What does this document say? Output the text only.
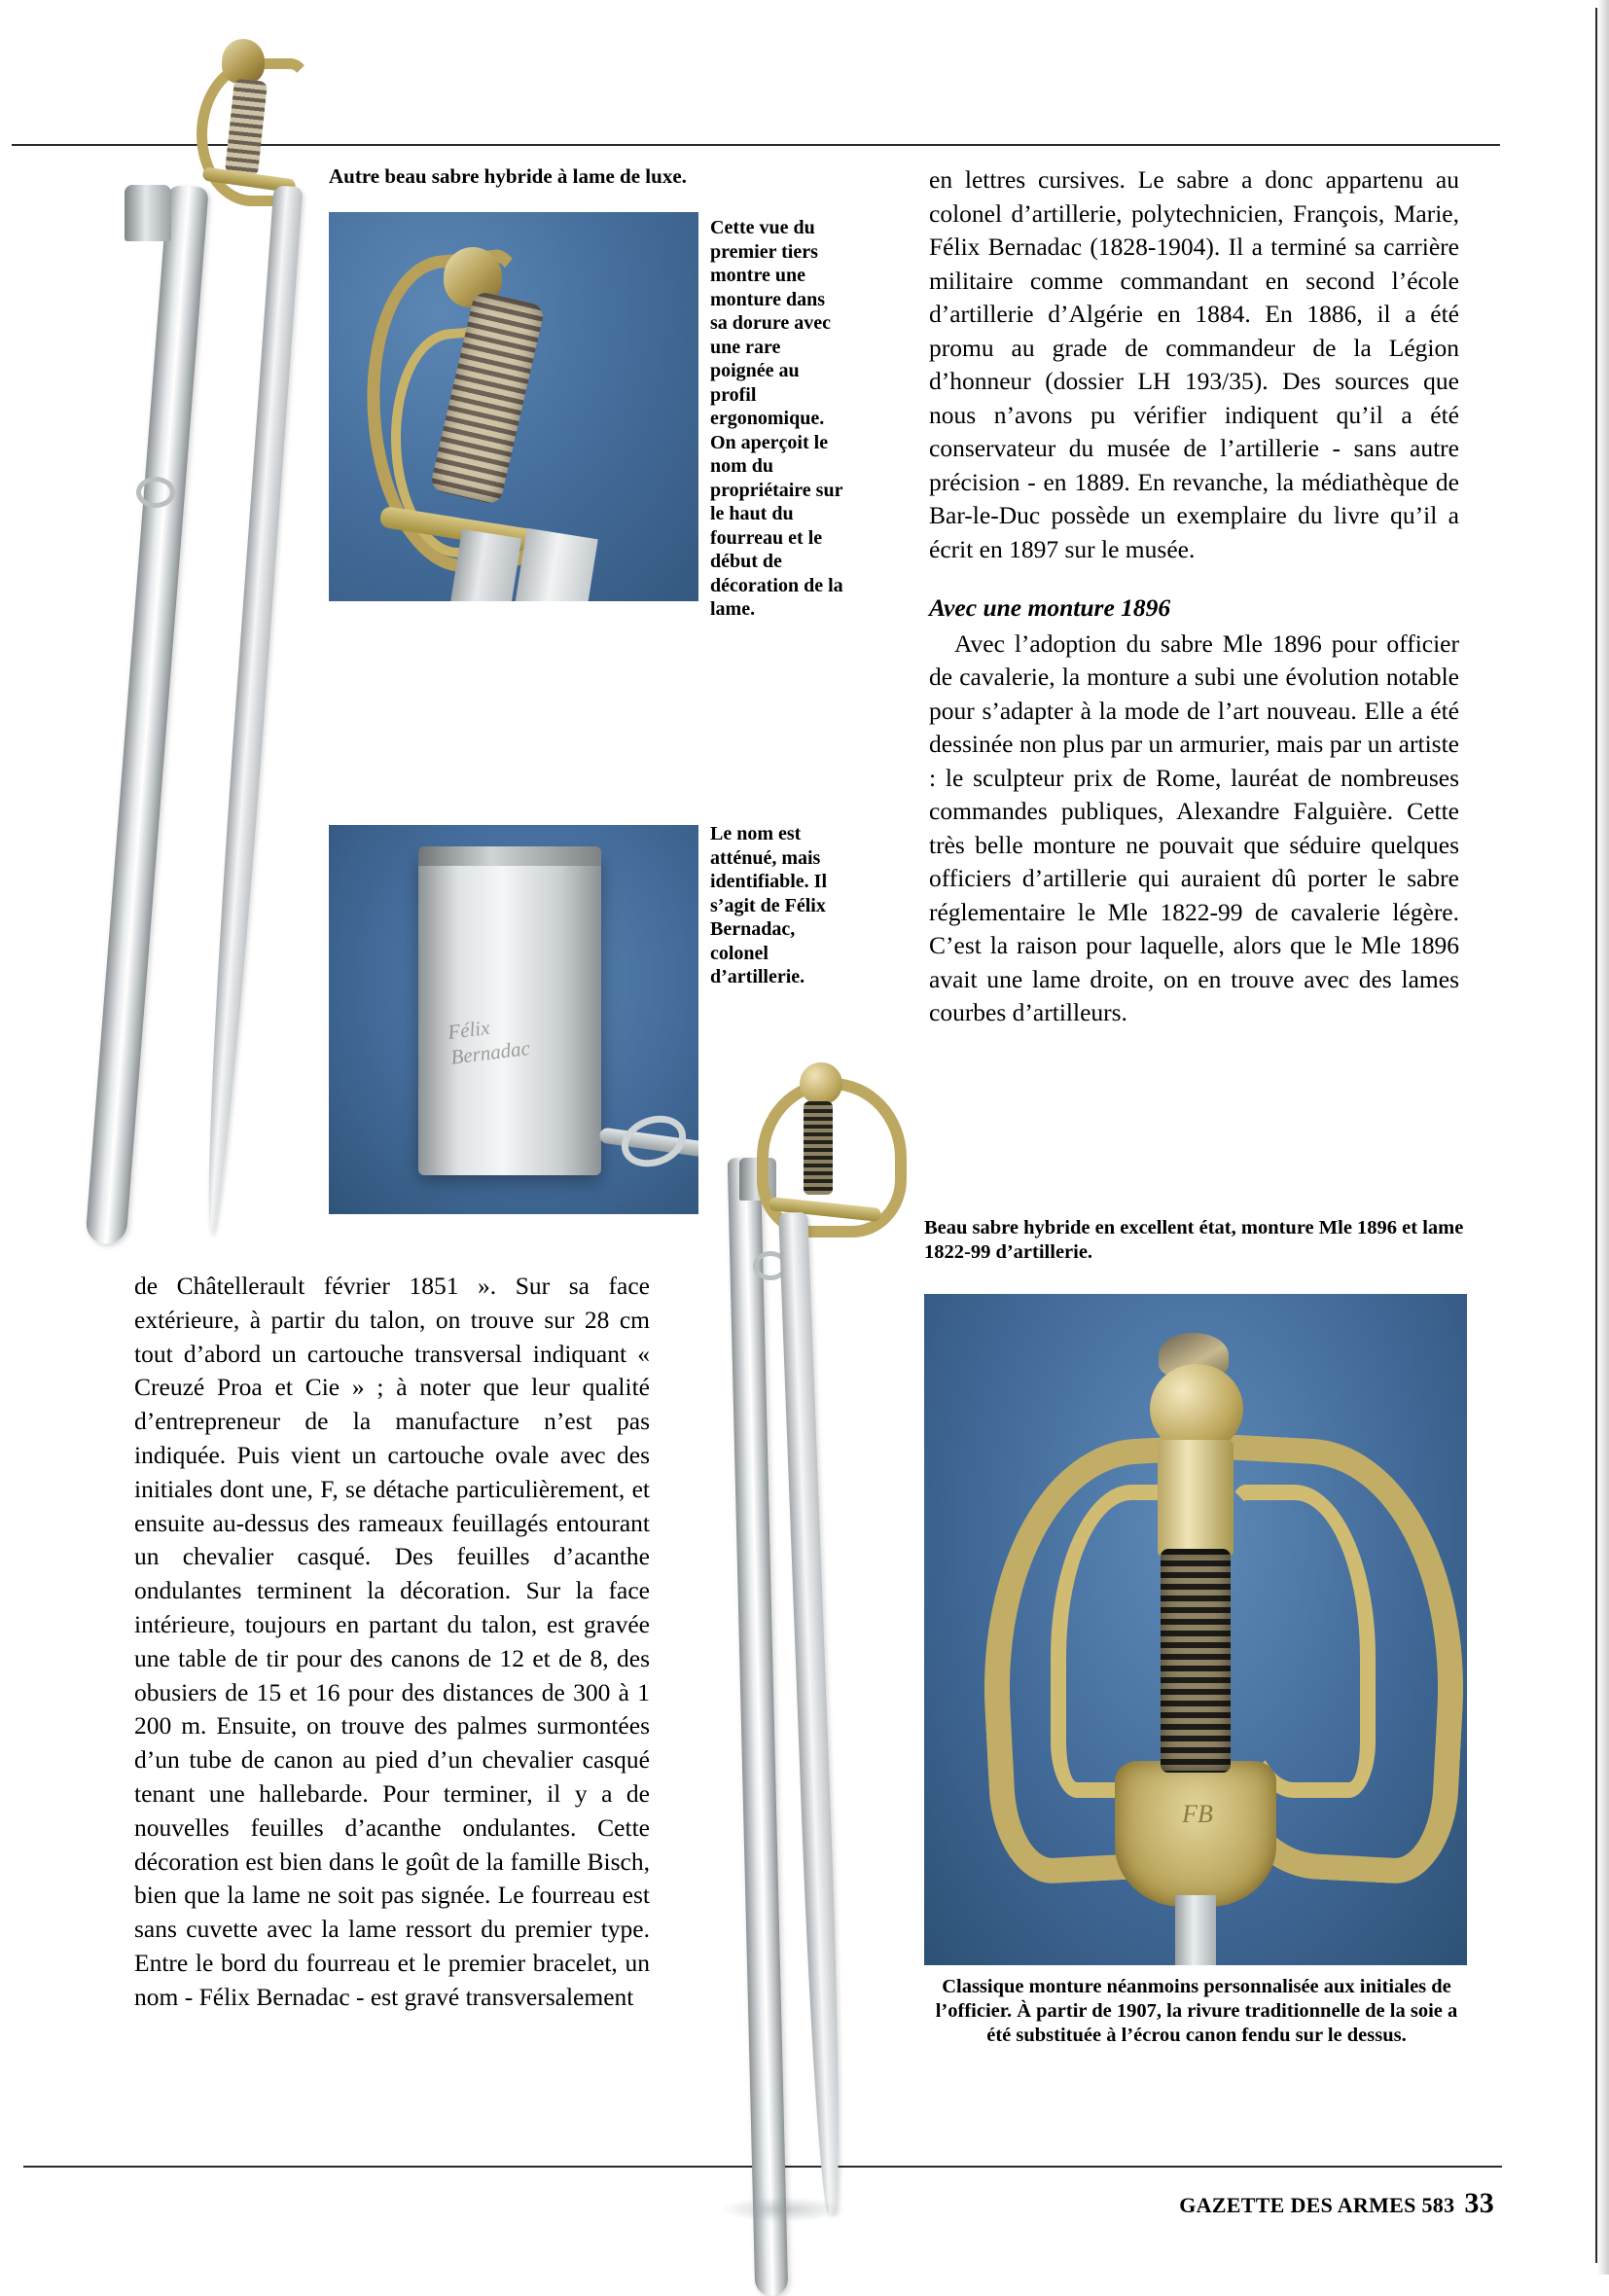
Autre beau sabre hybride à lame de luxe.
Cette vue du premier tiers montre une monture dans sa dorure avec une rare poignée au profil ergonomique. On aperçoit le nom du propriétaire sur le haut du fourreau et le début de décoration de la lame.
Félix
Bernadac
Le nom est atténué, mais identifiable. Il s’agit de Félix Bernadac, colonel d’artillerie.

en lettres cursives. Le sabre a donc appartenu au colonel d’artillerie, polytechnicien, François, Marie, Félix Bernadac (1828-1904). Il a terminé sa carrière militaire comme commandant en second l’école d’artillerie d’Algérie en 1884. En 1886, il a été promu au grade de commandeur de la Légion d’honneur (dossier LH 193/35). Des sources que nous n’avons pu vérifier indiquent qu’il a été conservateur du musée de l’artillerie - sans autre précision - en 1889. En revanche, la médiathèque de Bar-le-Duc possède un exemplaire du livre qu’il a écrit en 1897 sur le musée.

Avec une monture 1896

Avec l’adoption du sabre Mle 1896 pour officier de cavalerie, la monture a subi une évolution notable pour s’adapter à la mode de l’art nouveau. Elle a été dessinée non plus par un armurier, mais par un artiste : le sculpteur prix de Rome, lauréat de nombreuses commandes publiques, Alexandre Falguière. Cette très belle monture ne pouvait que séduire quelques officiers d’artillerie qui auraient dû porter le sabre réglementaire le Mle 1822-99 de cavalerie légère. C’est la raison pour laquelle, alors que le Mle 1896 avait une lame droite, on en trouve avec des lames courbes d’artilleurs.

Beau sabre hybride en excellent état, monture Mle 1896 et lame 1822-99 d’artillerie.
FB
Classique monture néanmoins personnalisée aux initiales de l’officier. À partir de 1907, la rivure traditionnelle de la soie a été substituée à l’écrou canon fendu sur le dessus.

de Châtellerault février 1851 ». Sur sa face extérieure, à partir du talon, on trouve sur 28 cm tout d’abord un cartouche transversal indiquant « Creuzé Proa et Cie » ; à noter que leur qualité d’entrepreneur de la manufacture n’est pas indiquée. Puis vient un cartouche ovale avec des initiales dont une, F, se détache particulièrement, et ensuite au-dessus des rameaux feuillagés entourant un chevalier casqué. Des feuilles d’acanthe ondulantes terminent la décoration. Sur la face intérieure, toujours en partant du talon, est gravée une table de tir pour des canons de 12 et de 8, des obusiers de 15 et 16 pour des distances de 300 à 1 200 m. Ensuite, on trouve des palmes surmontées d’un tube de canon au pied d’un chevalier casqué tenant une hallebarde. Pour terminer, il y a de nouvelles feuilles d’acanthe ondulantes. Cette décoration est bien dans le goût de la famille Bisch, bien que la lame ne soit pas signée. Le fourreau est sans cuvette avec la lame ressort du premier type. Entre le bord du fourreau et le premier bracelet, un nom - Félix Bernadac - est gravé transversalement

GAZETTE DES ARMES 583 33
